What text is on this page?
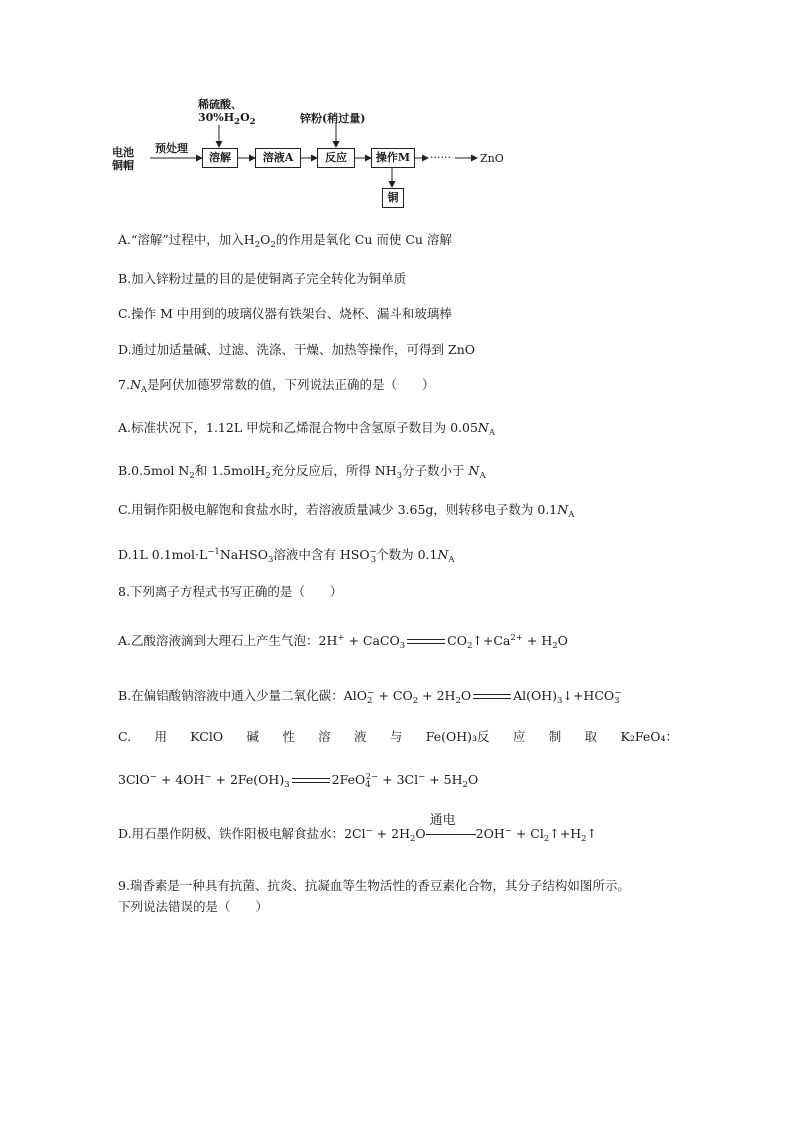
稀硫酸、
$30\%H_2O_2$	锌粉(稍过量)
电池
铜帽
预处理
溶解	溶液A	反应	操作M	······	ZnO
铜
A.“溶解”过程中，加入$H_2O_2$的作用是氧化 Cu 而使 Cu 溶解
B.加入锌粉过量的目的是使铜离子完全转化为铜单质
C.操作 M 中用到的玻璃仪器有铁架台、烧杯、漏斗和玻璃棒
D.通过加适量碱、过滤、洗涤、干燥、加热等操作，可得到 ZnO
$7.N_A$是阿伏加德罗常数的值，下列说法正确的是（　　）
A.标准状况下，1.12L 甲烷和乙烯混合物中含氢原子数目为 $0.05N_A$
B.0.5mol $N_2$和 1.5molH$_2$充分反应后，所得 $NH_3$分子数小于 $N_A$
C.用铜作阳极电解饱和食盐水时，若溶液质量减少 3.65g，则转移电子数为 $0.1N_A$
D.1L $0.1mol\cdot L^{-1}NaHSO_3$溶液中含有 $HSO^-_3$个数为 $0.1N_A$
8.下列离子方程式书写正确的是（　　）
A.乙酸溶液滴到大理石上产生气泡：2H+ + CaCO$_3$	$CO_2↑+Ca^{2+} + H_2O$
B.在偏铝酸钠溶液中通入少量二氧化碳：$AlO_2^- + CO_2 + 2H_2O$	$Al(OH)_3↓+HCO_3^-$
C. 用 KClO 碱 性 溶 液 与 Fe(OH)₃反 应 制 取 K₂FeO₄：
$3ClO^- + 4OH^- + 2Fe(OH)_3$	$2FeO_4^{2-} + 3Cl^- + 5H_2O$
D.用石墨作阴极、铁作阳极电解食盐水：$2Cl^- + 2H_2O$
通电
$2OH^- + Cl_2↑+H_2↑$
9.瑞香素是一种具有抗菌、抗炎、抗凝血等生物活性的香豆素化合物，其分子结构如图所示。
下列说法错误的是（　　）
